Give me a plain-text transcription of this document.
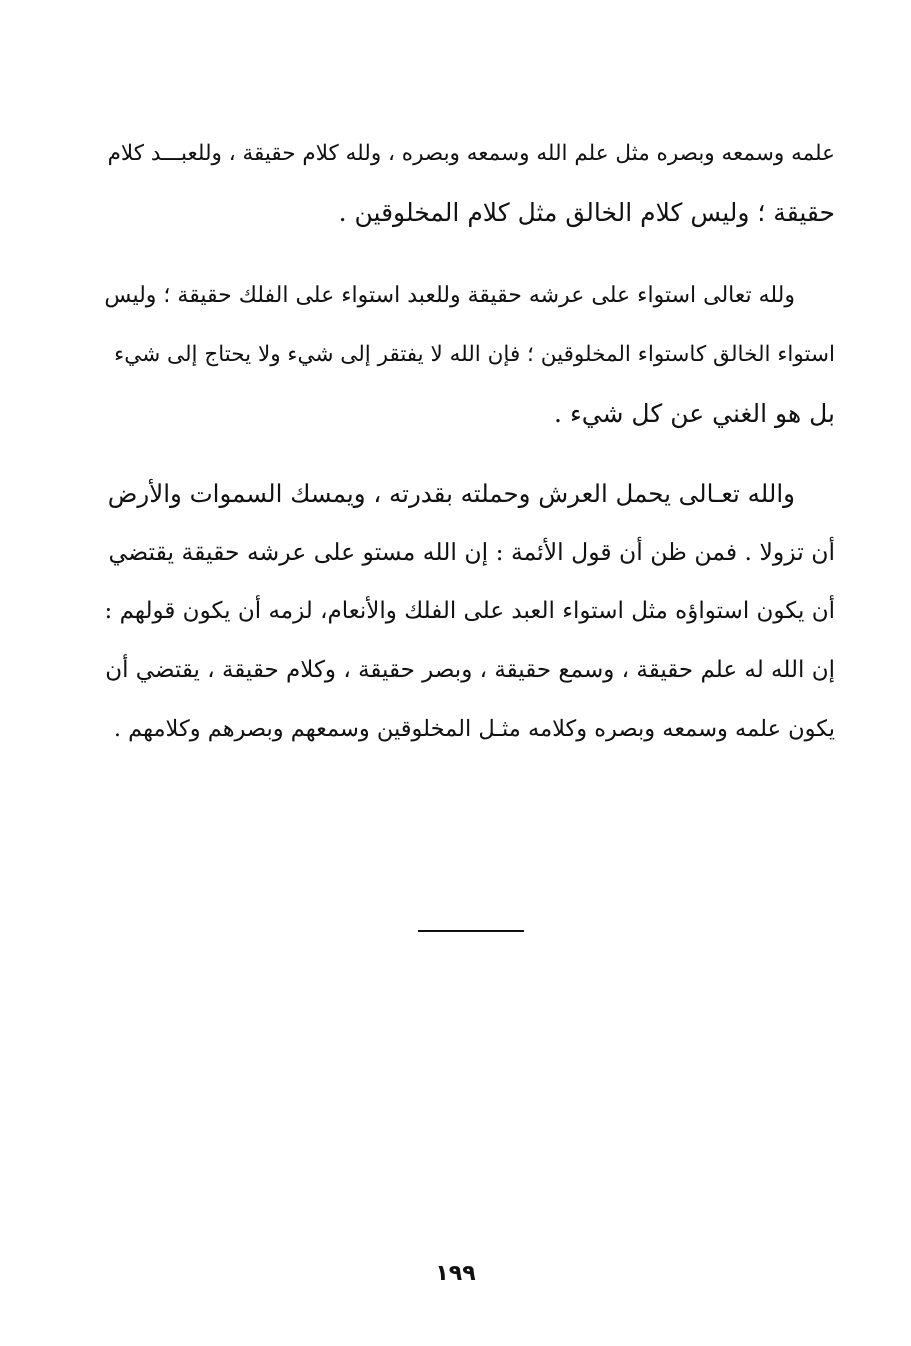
علمه وسمعه وبصره مثل علم الله وسمعه وبصره ، ولله كلام حقيقة ، وللعبـــد كلام
حقيقة ؛ وليس كلام الخالق مثل كلام المخلوقين .
ولله تعالى استواء على عرشه حقيقة وللعبد استواء على الفلك حقيقة ؛ وليس
استواء الخالق كاستواء المخلوقين ؛ فإن الله لا يفتقر إلى شيء ولا يحتاج إلى شيء
بل هو الغني عن كل شيء .
والله تعـالى يحمل العرش وحملته بقدرته ، ويمسك السموات والأرض
أن تزولا . فمن ظن أن قول الأئمة : إن الله مستو على عرشه حقيقة يقتضي
أن يكون استواؤه مثل استواء العبد على الفلك والأنعام، لزمه أن يكون قولهم :
إن الله له علم حقيقة ، وسمع حقيقة ، وبصر حقيقة ، وكلام حقيقة ، يقتضي أن
يكون علمه وسمعه وبصره وكلامه مثـل المخلوقين وسمعهم وبصرهم وكلامهم .
١٩٩
